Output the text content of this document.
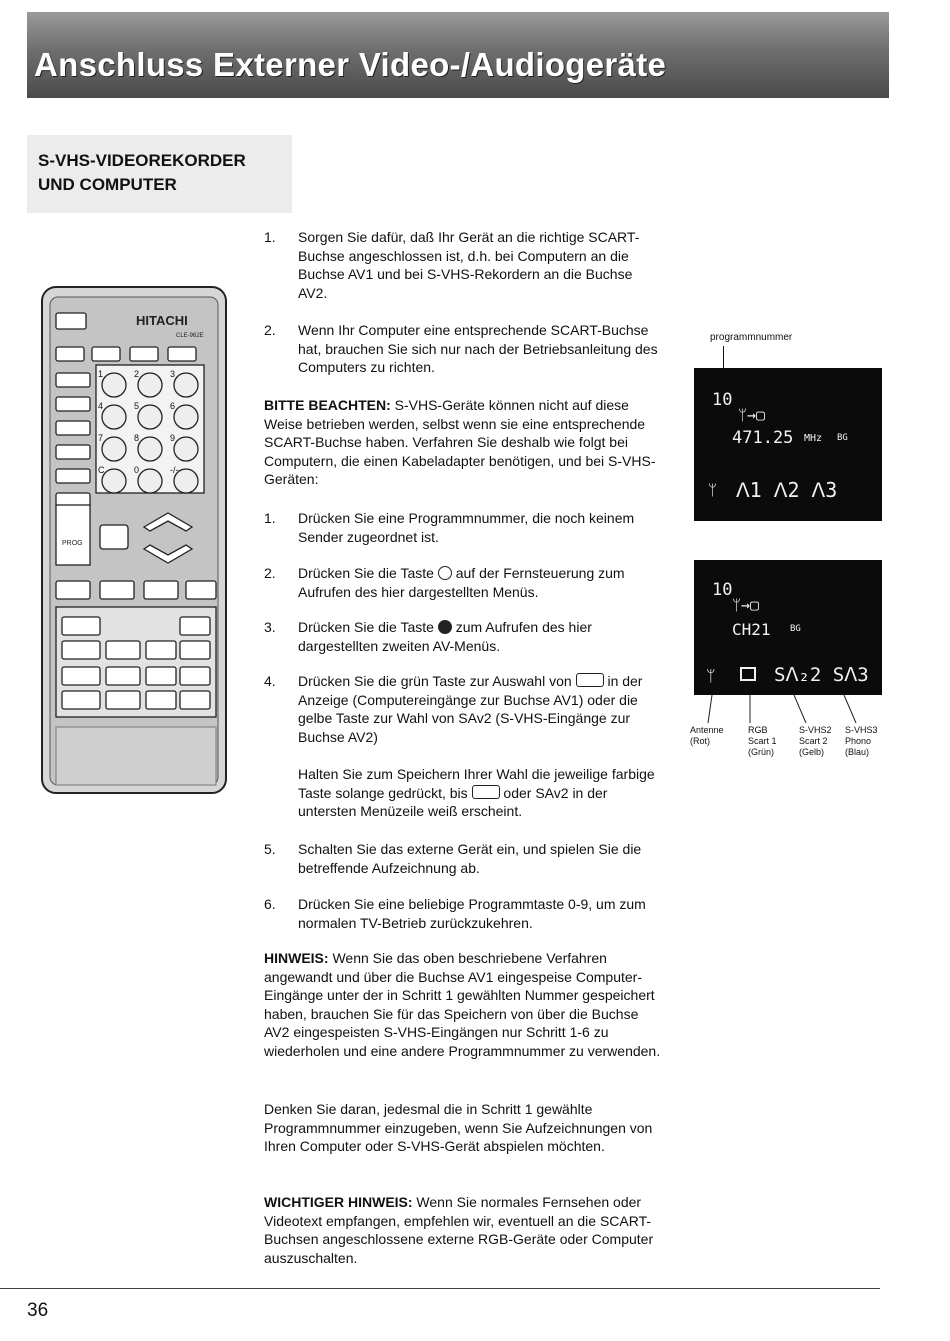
Anschluss Externer Video-/Audiogeräte
S-VHS-VIDEOREKORDER
UND COMPUTER
HITACHI
CLE-962E
1	2	3
4	5	6
7	8	9
C	0	-/--
PROG
1. Sorgen Sie dafür, daß Ihr Gerät an die richtige SCART-Buchse angeschlossen ist, d.h. bei Computern an die Buchse AV1 und bei S-VHS-Rekordern an die Buchse AV2.
2. Wenn Ihr Computer eine entsprechende SCART-Buchse hat, brauchen Sie sich nur nach der Betriebsanleitung des Computers zu richten.
BITTE BEACHTEN: S-VHS-Geräte können nicht auf diese Weise betrieben werden, selbst wenn sie eine entsprechende SCART-Buchse haben. Verfahren Sie deshalb wie folgt bei Computern, die einen Kabeladapter benötigen, und bei S-VHS-Geräten:
1. Drücken Sie eine Programmnummer, die noch keinem Sender zugeordnet ist.
2. Drücken Sie die Taste  auf der Fernsteuerung zum Aufrufen des hier dargestellten Menüs.
3. Drücken Sie die Taste  zum Aufrufen des hier dargestellten zweiten AV-Menüs.
4. Drücken Sie die grün Taste zur Auswahl von  in der Anzeige (Computereingänge zur Buchse AV1) oder die gelbe Taste zur Wahl von SAv2 (S-VHS-Eingänge zur Buchse AV2)
Halten Sie zum Speichern Ihrer Wahl die jeweilige farbige Taste solange gedrückt, bis  oder SAv2 in der untersten Menüzeile weiß erscheint.
5. Schalten Sie das externe Gerät ein, und spielen Sie die betreffende Aufzeichnung ab.
6. Drücken Sie eine beliebige Programmtaste 0-9, um zum normalen TV-Betrieb zurückzukehren.
HINWEIS: Wenn Sie das oben beschriebene Verfahren angewandt und über die Buchse AV1 eingespeise Computer-Eingänge unter der in Schritt 1 gewählten Nummer gespeichert haben, brauchen Sie für das Speichern von über die Buchse AV2 eingespeisten S-VHS-Eingängen nur Schritt 1-6 zu wiederholen und eine andere Programmnummer zu verwenden.
Denken Sie daran, jedesmal die in Schritt 1 gewählte Programmnummer einzugeben, wenn Sie Aufzeichnungen von Ihren Computer oder S-VHS-Gerät abspielen möchten.
WICHTIGER HINWEIS: Wenn Sie normales Fernsehen oder Videotext empfangen, empfehlen wir, eventuell an die SCART-Buchsen angeschlossene externe RGB-Geräte oder Computer auszuschalten.
programmnummer
10
ᛘ→▢
471.25 MHz BG
ᛘ ᐱ1 ᐱ2 ᐱ3
10
ᛘ→▢
CH21 BG
ᛘ	Sᐱ₂2 Sᐱ3
Antenne
(Rot)
RGB
Scart 1
(Grün)
S-VHS2
Scart 2
(Gelb)
S-VHS3
Phono
(Blau)
36
